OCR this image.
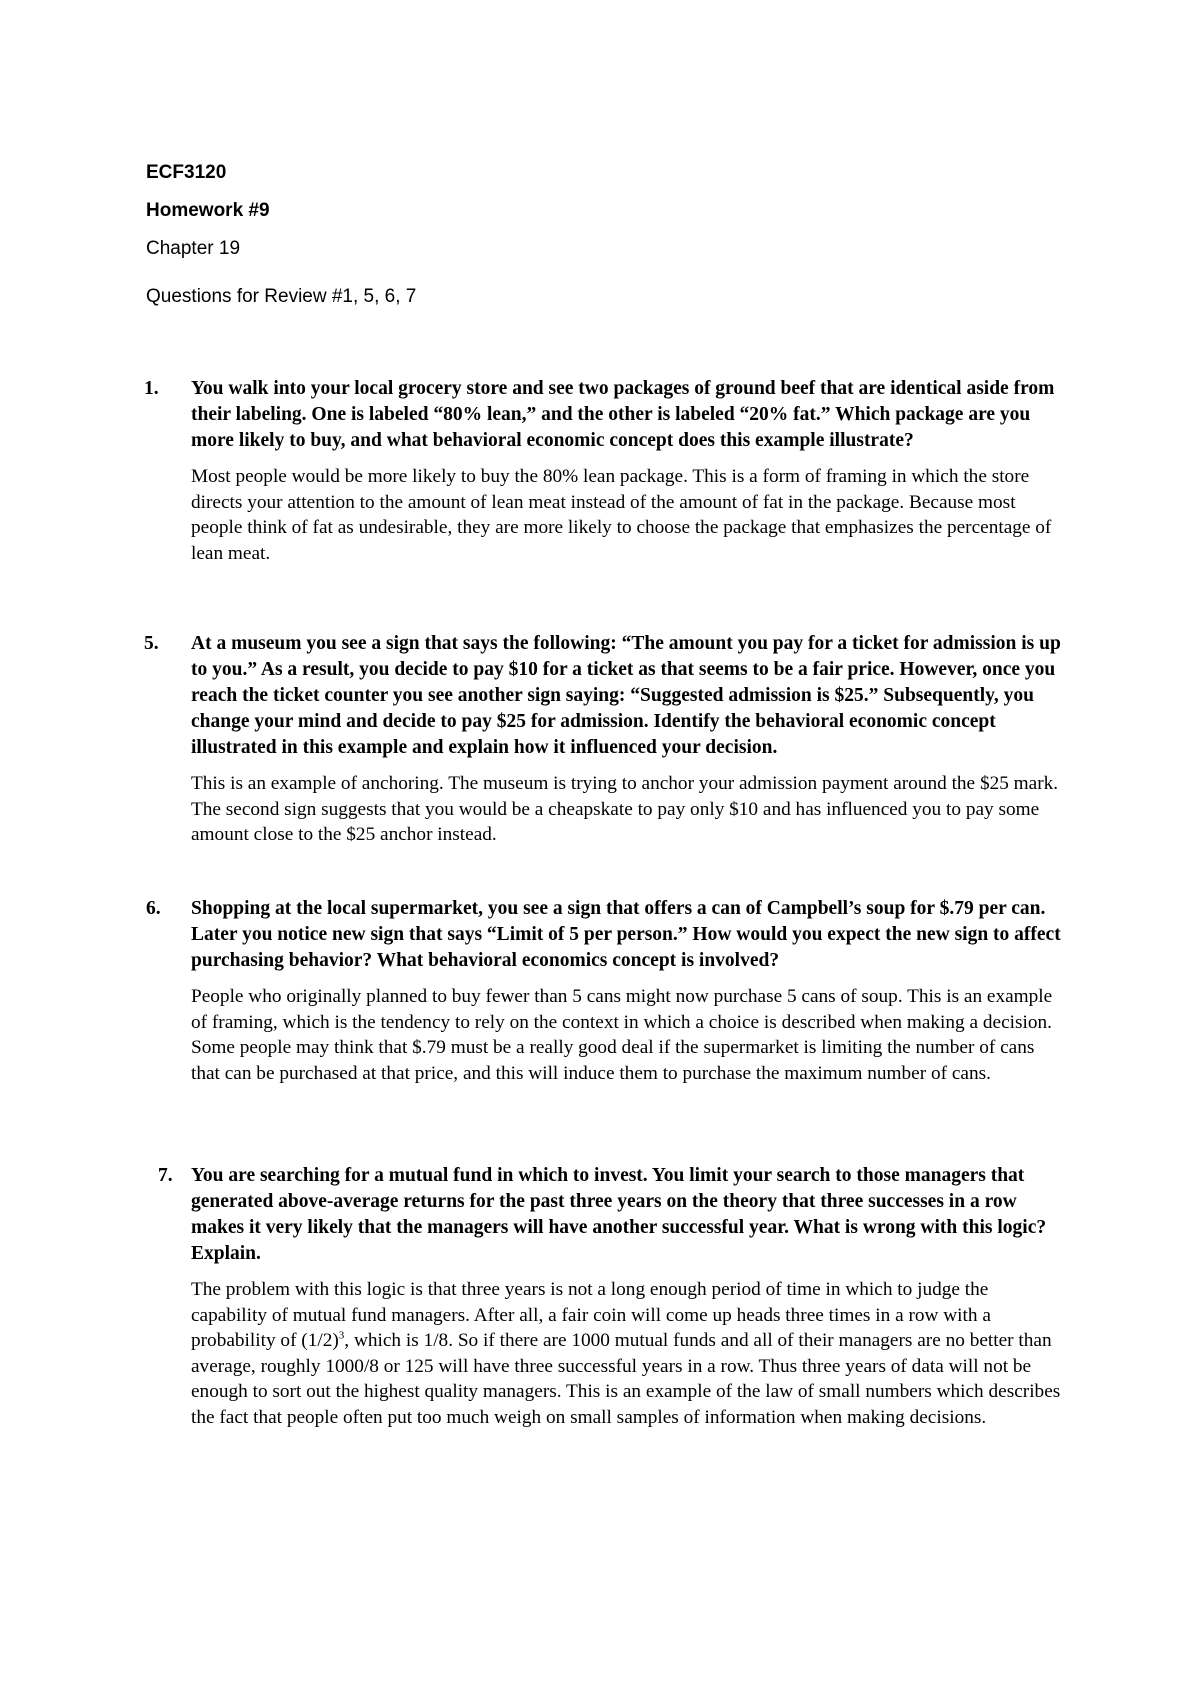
ECF3120
Homework #9
Chapter 19
Questions for Review #1, 5, 6, 7
1.	You walk into your local grocery store and see two packages of ground beef that are identical aside from their labeling. One is labeled “80% lean,” and the other is labeled “20% fat.” Which package are you more likely to buy, and what behavioral economic concept does this example illustrate?
Most people would be more likely to buy the 80% lean package. This is a form of framing in which the store directs your attention to the amount of lean meat instead of the amount of fat in the package. Because most people think of fat as undesirable, they are more likely to choose the package that emphasizes the percentage of lean meat.
5.	At a museum you see a sign that says the following: “The amount you pay for a ticket for admission is up to you.” As a result, you decide to pay $10 for a ticket as that seems to be a fair price. However, once you reach the ticket counter you see another sign saying: “Suggested admission is $25.” Subsequently, you change your mind and decide to pay $25 for admission. Identify the behavioral economic concept illustrated in this example and explain how it influenced your decision.
This is an example of anchoring. The museum is trying to anchor your admission payment around the $25 mark. The second sign suggests that you would be a cheapskate to pay only $10 and has influenced you to pay some amount close to the $25 anchor instead.
6.	Shopping at the local supermarket, you see a sign that offers a can of Campbell’s soup for $.79 per can. Later you notice new sign that says “Limit of 5 per person.” How would you expect the new sign to affect purchasing behavior? What behavioral economics concept is involved?
People who originally planned to buy fewer than 5 cans might now purchase 5 cans of soup. This is an example of framing, which is the tendency to rely on the context in which a choice is described when making a decision. Some people may think that $.79 must be a really good deal if the supermarket is limiting the number of cans that can be purchased at that price, and this will induce them to purchase the maximum number of cans.
7. You are searching for a mutual fund in which to invest. You limit your search to those managers that generated above-average returns for the past three years on the theory that three successes in a row makes it very likely that the managers will have another successful year. What is wrong with this logic? Explain.
The problem with this logic is that three years is not a long enough period of time in which to judge the capability of mutual fund managers. After all, a fair coin will come up heads three times in a row with a probability of $(1/2)^3$, which is 1/8. So if there are 1000 mutual funds and all of their managers are no better than average, roughly 1000/8 or 125 will have three successful years in a row. Thus three years of data will not be enough to sort out the highest quality managers. This is an example of the law of small numbers which describes the fact that people often put too much weigh on small samples of information when making decisions.
